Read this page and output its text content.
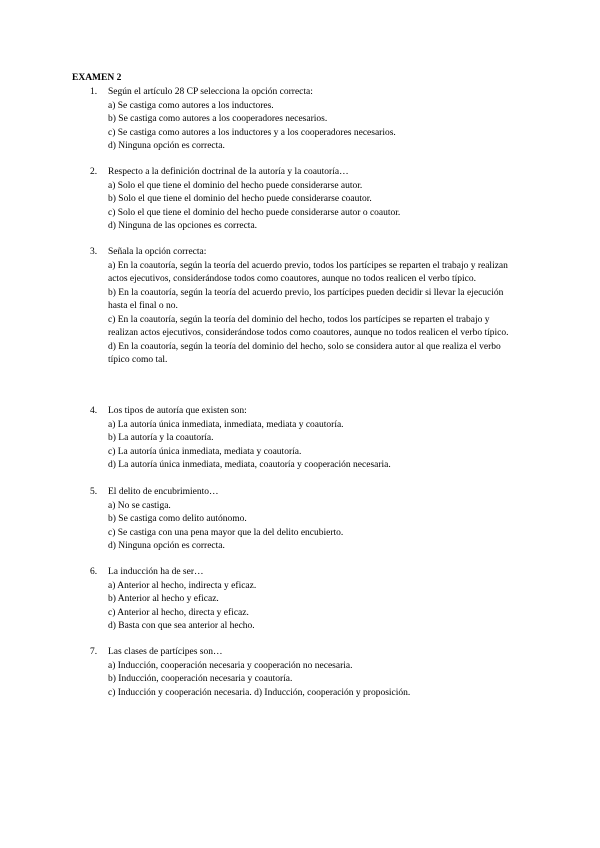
EXAMEN 2
1.	Según el artículo 28 CP selecciona la opción correcta:
a) Se castiga como autores a los inductores.
b) Se castiga como autores a los cooperadores necesarios.
c) Se castiga como autores a los inductores y a los cooperadores necesarios.
d) Ninguna opción es correcta.
2.	Respecto a la definición doctrinal de la autoría y la coautoría…
a) Solo el que tiene el dominio del hecho puede considerarse autor.
b) Solo el que tiene el dominio del hecho puede considerarse coautor.
c) Solo el que tiene el dominio del hecho puede considerarse autor o coautor.
d) Ninguna de las opciones es correcta.
3.	Señala la opción correcta:
a) En la coautoría, según la teoría del acuerdo previo, todos los partícipes se reparten el trabajo y realizan actos ejecutivos, considerándose todos como coautores, aunque no todos realicen el verbo típico.
b) En la coautoría, según la teoría del acuerdo previo, los partícipes pueden decidir si llevar la ejecución hasta el final o no.
c) En la coautoría, según la teoría del dominio del hecho, todos los partícipes se reparten el trabajo y realizan actos ejecutivos, considerándose todos como coautores, aunque no todos realicen el verbo típico.
d) En la coautoría, según la teoría del dominio del hecho, solo se considera autor al que realiza el verbo típico como tal.
4.	Los tipos de autoría que existen son:
a) La autoría única inmediata, inmediata, mediata y coautoría.
b) La autoría y la coautoría.
c) La autoría única inmediata, mediata y coautoría.
d) La autoría única inmediata, mediata, coautoría y cooperación necesaria.
5.	El delito de encubrimiento…
a) No se castiga.
b) Se castiga como delito autónomo.
c) Se castiga con una pena mayor que la del delito encubierto.
d) Ninguna opción es correcta.
6.	La inducción ha de ser…
a) Anterior al hecho, indirecta y eficaz.
b) Anterior al hecho y eficaz.
c) Anterior al hecho, directa y eficaz.
d) Basta con que sea anterior al hecho.
7.	Las clases de partícipes son…
a) Inducción, cooperación necesaria y cooperación no necesaria.
b) Inducción, cooperación necesaria y coautoría.
c) Inducción y cooperación necesaria. d) Inducción, cooperación y proposición.
